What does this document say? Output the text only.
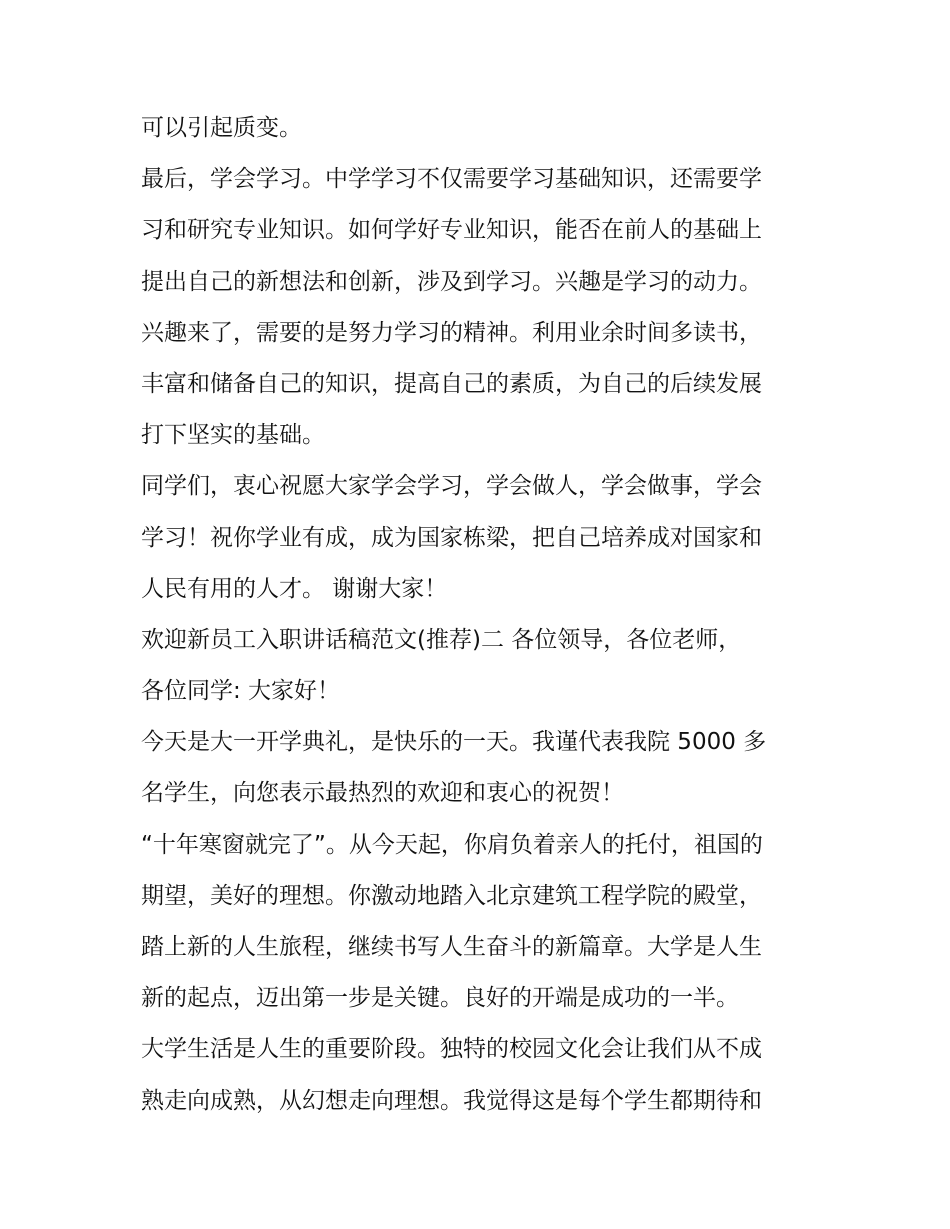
可以引起质变。
最后，学会学习。中学学习不仅需要学习基础知识，还需要学
习和研究专业知识。如何学好专业知识，能否在前人的基础上
提出自己的新想法和创新，涉及到学习。兴趣是学习的动力。
兴趣来了，需要的是努力学习的精神。利用业余时间多读书，
丰富和储备自己的知识，提高自己的素质，为自己的后续发展
打下坚实的基础。
同学们，衷心祝愿大家学会学习，学会做人，学会做事，学会
学习！祝你学业有成，成为国家栋梁，把自己培养成对国家和
人民有用的人才。 谢谢大家！
欢迎新员工入职讲话稿范文(推荐)二 各位领导，各位老师，
各位同学: 大家好！
今天是大一开学典礼，是快乐的一天。我谨代表我院 5000 多
名学生，向您表示最热烈的欢迎和衷心的祝贺！
“十年寒窗就完了”。从今天起，你肩负着亲人的托付，祖国的
期望，美好的理想。你激动地踏入北京建筑工程学院的殿堂，
踏上新的人生旅程，继续书写人生奋斗的新篇章。大学是人生
新的起点，迈出第一步是关键。良好的开端是成功的一半。
大学生活是人生的重要阶段。独特的校园文化会让我们从不成
熟走向成熟，从幻想走向理想。我觉得这是每个学生都期待和
